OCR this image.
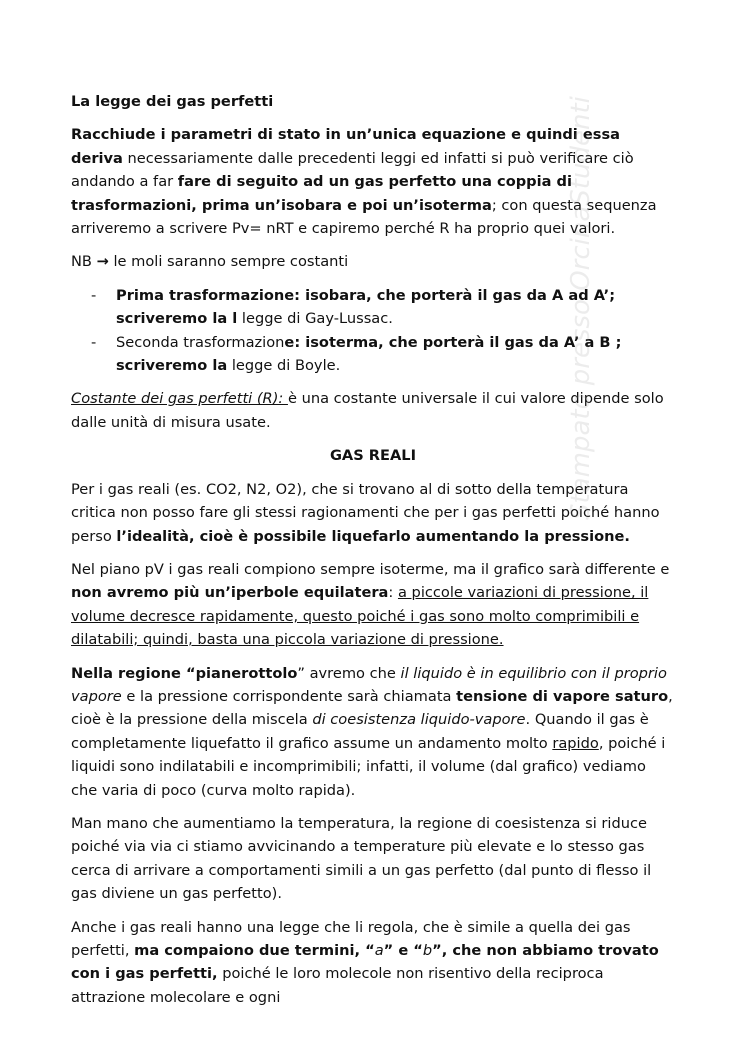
La legge dei gas perfetti

Racchiude i parametri di stato in un’unica equazione e quindi essa deriva necessariamente dalle precedenti leggi ed infatti si può verificare ciò andando a far fare di seguito ad un gas perfetto una coppia di trasformazioni, prima un’isobara e poi un’isoterma; con questa sequenza arriveremo a scrivere Pv= nRT e capiremo perché R ha proprio quei valori.

NB → le moli saranno sempre costanti

- Prima trasformazione: isobara, che porterà il gas da A ad A’; scriveremo la l legge di Gay-Lussac.
- Seconda trasformazione: isoterma, che porterà il gas da A’ a B ; scriveremo la legge di Boyle.

Costante dei gas perfetti (R): è una costante universale il cui valore dipende solo dalle unità di misura usate.

GAS REALI

Per i gas reali (es. CO2, N2, O2), che si trovano al di sotto della temperatura critica non posso fare gli stessi ragionamenti che per i gas perfetti poiché hanno perso l’idealità, cioè è possibile liquefarlo aumentando la pressione.

Nel piano pV i gas reali compiono sempre isoterme, ma il grafico sarà differente e non avremo più un’iperbole equilatera: a piccole variazioni di pressione, il volume decresce rapidamente, questo poiché i gas sono molto comprimibili e dilatabili; quindi, basta una piccola variazione di pressione.

Nella regione “pianerottolo” avremo che il liquido è in equilibrio con il proprio vapore e la pressione corrispondente sarà chiamata tensione di vapore saturo, cioè è la pressione della miscela di coesistenza liquido-vapore. Quando il gas è completamente liquefatto il grafico assume un andamento molto rapido, poiché i liquidi sono indilatabili e incomprimibili; infatti, il volume (dal grafico) vediamo che varia di poco (curva molto rapida).

Man mano che aumentiamo la temperatura, la regione di coesistenza si riduce poiché via via ci stiamo avvicinando a temperature più elevate e lo stesso gas cerca di arrivare a comportamenti simili a un gas perfetto (dal punto di flesso il gas diviene un gas perfetto).

Anche i gas reali hanno una legge che li regola, che è simile a quella dei gas perfetti, ma compaiono due termini, “a” e “b”, che non abbiamo trovato con i gas perfetti, poiché le loro molecole non risentivo della reciproca attrazione molecolare e ogni

Stampato presso OrcinaStudenti
